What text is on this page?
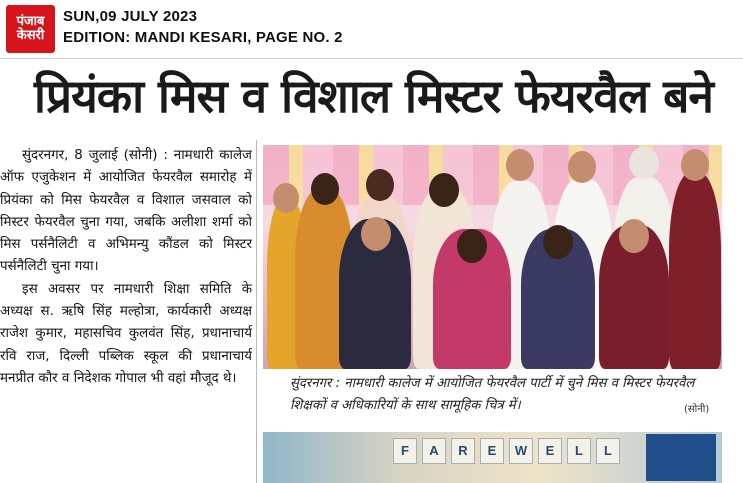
पंजाब
केसरी
SUN,09 JULY 2023
EDITION: MANDI KESARI, PAGE NO. 2
प्रियंका मिस व विशाल मिस्टर फेयरवैल बने

सुंदरनगर, 8 जुलाई (सोनी) : नामधारी कालेज ऑफ एजुकेशन में आयोजित फेयरवैल समारोह में प्रियंका को मिस फेयरवैल व विशाल जसवाल को मिस्टर फेयरवैल चुना गया, जबकि अलीशा शर्मा को मिस पर्सनैलिटी व अभिमन्यु कौंडल को मिस्टर पर्सनैलिटी चुना गया।

इस अवसर पर नामधारी शिक्षा समिति के अध्यक्ष स. ऋषि सिंह मल्होत्रा, कार्यकारी अध्यक्ष राजेश कुमार, महासचिव कुलवंत सिंह, प्रधानाचार्य रवि राज, दिल्ली पब्लिक स्कूल की प्रधानाचार्य मनप्रीत कौर व निदेशक गोपाल भी वहां मौजूद थे।	सुंदरनगर : नामधारी कालेज में आयोजित फेयरवैल पार्टी में चुने मिस व मिस्टर फेयरवैल शिक्षकों व अधिकारियों के साथ सामूहिक चित्र में।	(सोनी)
F	A	R	E	W	E	L	L
